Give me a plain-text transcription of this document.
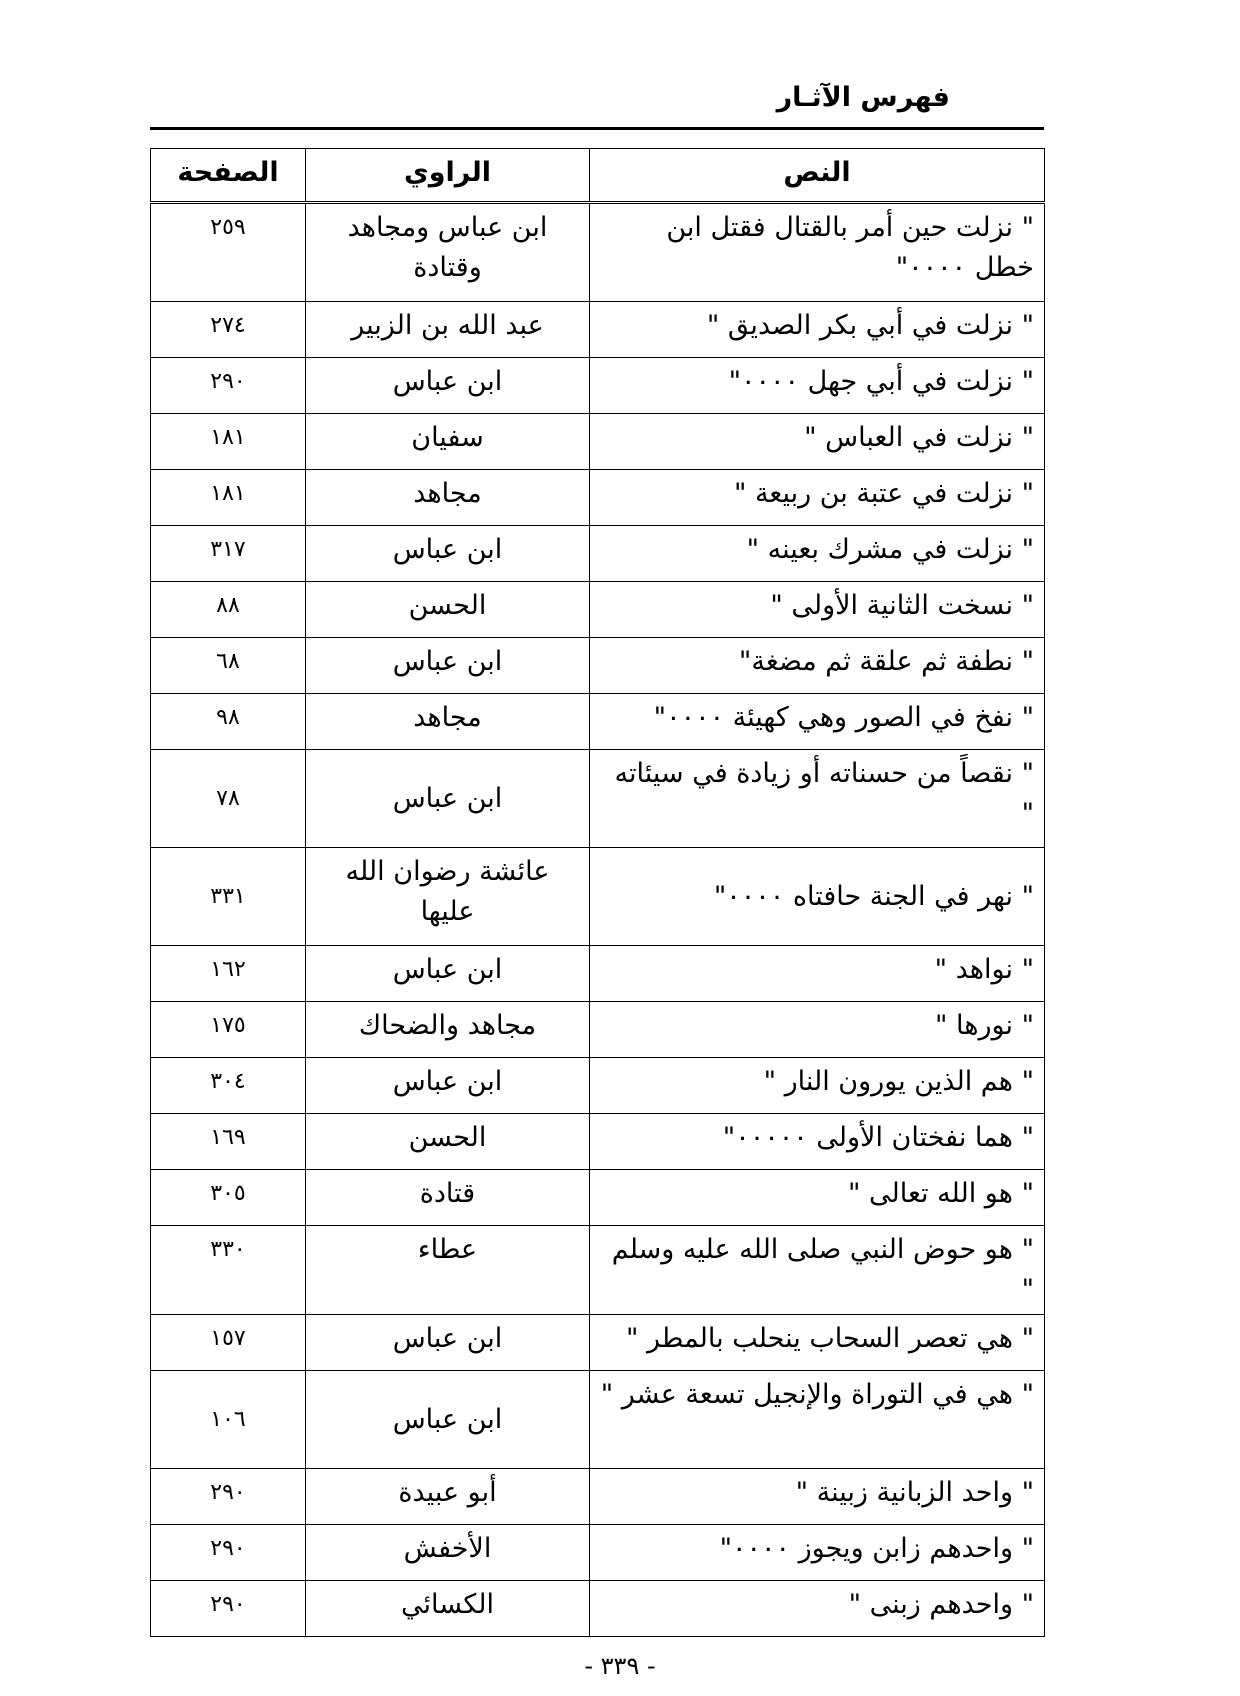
فهرس الآثـار
النص	الراوي	الصفحة
" نزلت حين أمر بالقتال فقتل ابن خطل ٠٠٠٠"	ابن عباس ومجاهد وقتادة	٢٥٩
" نزلت في أبي بكر الصديق "	عبد الله بن الزبير	٢٧٤
" نزلت في أبي جهل ٠٠٠٠"	ابن عباس	٢٩٠
" نزلت في العباس "	سفيان	١٨١
" نزلت في عتبة بن ربيعة "	مجاهد	١٨١
" نزلت في مشرك بعينه "	ابن عباس	٣١٧
" نسخت الثانية الأولى "	الحسن	٨٨
" نطفة ثم علقة ثم مضغة"	ابن عباس	٦٨
" نفخ في الصور وهي كهيئة ٠٠٠٠"	مجاهد	٩٨
" نقصاً من حسناته أو زيادة في سيئاته "	ابن عباس	٧٨
" نهر في الجنة حافتاه ٠٠٠٠"	عائشة رضوان الله عليها	٣٣١
" نواهد "	ابن عباس	١٦٢
" نورها "	مجاهد والضحاك	١٧٥
" هم الذين يورون النار "	ابن عباس	٣٠٤
" هما نفختان الأولى ٠٠٠٠٠"	الحسن	١٦٩
" هو الله تعالى "	قتادة	٣٠٥
" هو حوض النبي صلى الله عليه وسلم "	عطاء	٣٣٠
" هي تعصر السحاب ينحلب بالمطر "	ابن عباس	١٥٧
" هي في التوراة والإنجيل تسعة عشر "	ابن عباس	١٠٦
" واحد الزبانية زبينة "	أبو عبيدة	٢٩٠
" واحدهم زابن ويجوز ٠٠٠٠"	الأخفش	٢٩٠
" واحدهم زبنى "	الكسائي	٢٩٠

- ٣٣٩ -
